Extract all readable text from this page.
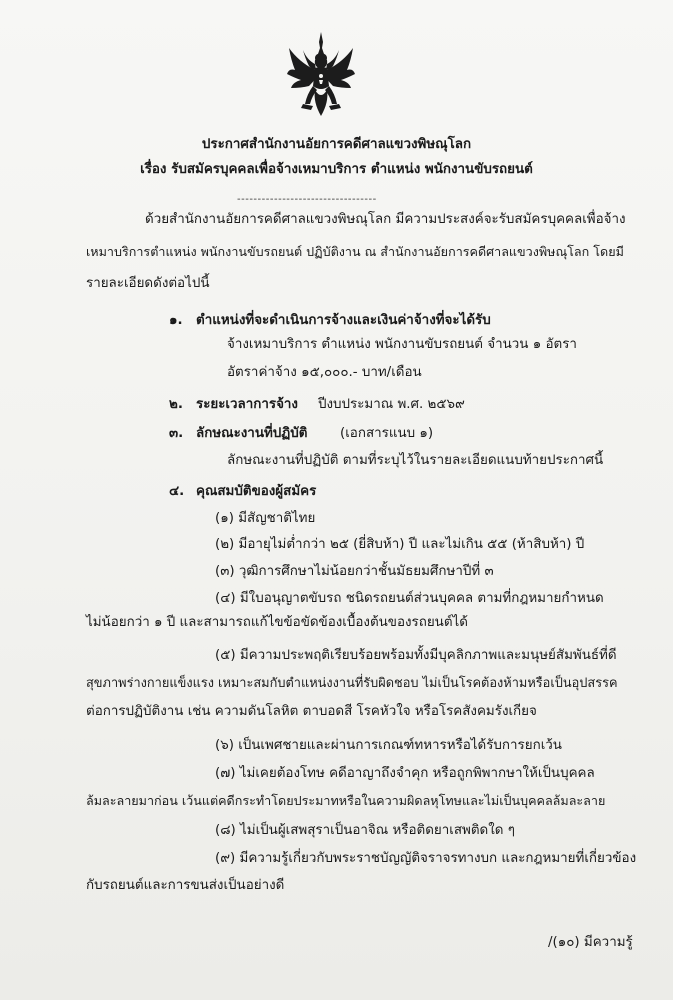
ประกาศสำนักงานอัยการคดีศาลแขวงพิษณุโลก
เรื่อง รับสมัครบุคคลเพื่อจ้างเหมาบริการ ตำแหน่ง พนักงานขับรถยนต์
----------------------------------
ด้วยสำนักงานอัยการคดีศาลแขวงพิษณุโลก มีความประสงค์จะรับสมัครบุคคลเพื่อจ้าง
เหมาบริการตำแหน่ง พนักงานขับรถยนต์ ปฏิบัติงาน ณ สำนักงานอัยการคดีศาลแขวงพิษณุโลก โดยมี
รายละเอียดดังต่อไปนี้
๑. ตำแหน่งที่จะดำเนินการจ้างและเงินค่าจ้างที่จะได้รับ
จ้างเหมาบริการ ตำแหน่ง พนักงานขับรถยนต์ จำนวน ๑ อัตรา
อัตราค่าจ้าง ๑๕,๐๐๐.- บาท/เดือน
๒. ระยะเวลาการจ้าง ปีงบประมาณ พ.ศ. ๒๕๖๙
๓. ลักษณะงานที่ปฏิบัติ (เอกสารแนบ ๑)
ลักษณะงานที่ปฏิบัติ ตามที่ระบุไว้ในรายละเอียดแนบท้ายประกาศนี้
๔. คุณสมบัติของผู้สมัคร
(๑) มีสัญชาติไทย
(๒) มีอายุไม่ต่ำกว่า ๒๕ (ยี่สิบห้า) ปี และไม่เกิน ๕๕ (ห้าสิบห้า) ปี
(๓) วุฒิการศึกษาไม่น้อยกว่าชั้นมัธยมศึกษาปีที่ ๓
(๔) มีใบอนุญาตขับรถ ชนิดรถยนต์ส่วนบุคคล ตามที่กฎหมายกำหนด
ไม่น้อยกว่า ๑ ปี และสามารถแก้ไขข้อขัดข้องเบื้องต้นของรถยนต์ได้
(๕) มีความประพฤติเรียบร้อยพร้อมทั้งมีบุคลิกภาพและมนุษย์สัมพันธ์ที่ดี
สุขภาพร่างกายแข็งแรง เหมาะสมกับตำแหน่งงานที่รับผิดชอบ ไม่เป็นโรคต้องห้ามหรือเป็นอุปสรรค
ต่อการปฏิบัติงาน เช่น ความดันโลหิต ตาบอดสี โรคหัวใจ หรือโรคสังคมรังเกียจ
(๖) เป็นเพศชายและผ่านการเกณฑ์ทหารหรือได้รับการยกเว้น
(๗) ไม่เคยต้องโทษ คดีอาญาถึงจำคุก หรือถูกพิพากษาให้เป็นบุคคล
ล้มละลายมาก่อน เว้นแต่คดีกระทำโดยประมาทหรือในความผิดลหุโทษและไม่เป็นบุคคลล้มละลาย
(๘) ไม่เป็นผู้เสพสุราเป็นอาจิณ หรือติดยาเสพติดใด ๆ
(๙) มีความรู้เกี่ยวกับพระราชบัญญัติจราจรทางบก และกฎหมายที่เกี่ยวข้อง
กับรถยนต์และการขนส่งเป็นอย่างดี
/(๑๐) มีความรู้
